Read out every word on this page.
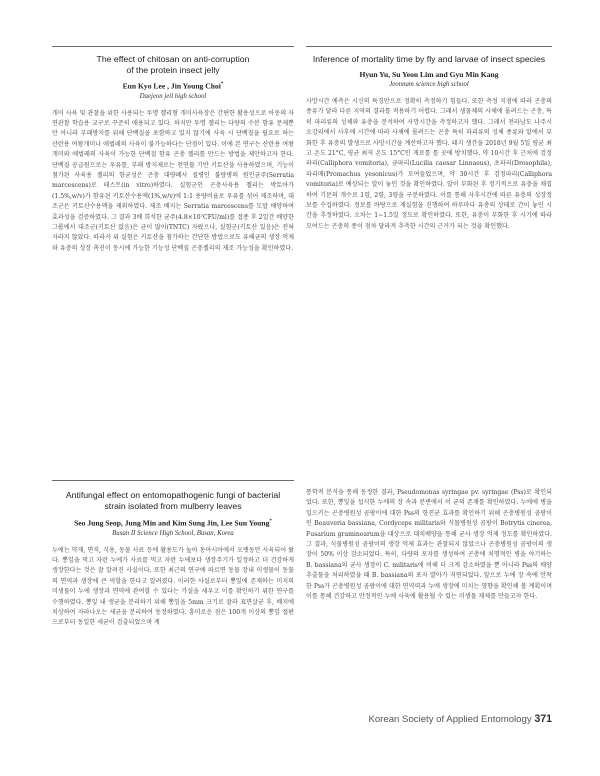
The effect of chitosan on anti-corruption
of the protein insect jelly

Eun Kyo Lee , Jin Young Choi*

Daejeon jeil high school

개미 사육 및 관찰을 위한 사용되는 투명 젤리형 개미사육장은 간편한 활용성으로 아동의 자연관찰 학습용 교구로 꾸준히 애용되고 있다. 하지만 투명 젤리는 다량의 수분 함유 문제뿐만 아니라 부패방지를 위해 단백질을 포함하고 있지 않기에 사육 시 단백질을 필요로 하는 산란용 여왕개미나 애벌레의 사육이 불가능하다는 단점이 있다. 이에 본 연구는 산란용 여왕개미와 애벌레의 사육이 가능한 단백질 함유 곤충 젤리를 만드는 방법을 제안하고자 한다. 단백질 공급원으로는 우유를, 부패 방지제로는 천연물 기반 키토산을 사용하였으며, 기능이 첨가된 사육용 젤리의 항균성은 곤충 대량폐사 질병인 불량병의 원인균주(Serratia marcescens)로 테스트(in vitro)하였다. 실험군인 곤충사육용 젤리는 박토아가(1.5%,w/v)가 함유된 키토산수용액(1%,w/v)에 1:1 용량비율로 우유를 섞어 제조하며, 대조군은 키토산수용액을 제외하였다. 제조 배지는 Serratia marcescens를 도말 배양하여 효과성을 검증하였다. 그 결과 3배 희석한 균주(4.8×10⁷CFU/ml)를 접종 후 2일간 배양한 그룹에서 대조군(키토산 없음)은 균이 많이(TNTC) 자랐으나, 실험군(키토산 있음)은 전혀 자라지 않았다. 따라서 위 실험은 키토산을 첨가하는 간단한 방법으로도 유해균의 생장 억제와 유충의 성장 촉진이 동시에 가능한 기능성 단백질 곤충젤리의 제조 가능성을 확인하였다.

Inference of mortality time by fly and larvae of insect species

Hyun Yu, Su Yeon Lim and Gyu Min Kang

Jeonnam science high school

사망시간 예측은 시신의 특징만으로 정확히 측정하기 힘들다. 또한 측정 지점에 따라 곤충의 종류가 달라 다른 지역의 결과를 적용하기 어렵다. 그래서 생물체의 사체에 몰려드는 곤충, 특히 파리류의 성체와 유충을 분석하여 사망시간을 측정하고자 했다. 그래서 전라남도 나주시 오강리에서 사후에 시간에 따라 사체에 몰려드는 곤충 특히 파리류의 성체 종류와 알에서 부화한 후 유충의 발생으로 사망시간을 계산하고자 했다. 돼지 생간을 2018년 9월 5일 평균 최고 온도 21°C, 평균 최저 온도 15°C인 재료를 틀 곳에 방치했다. 약 10시간 후 근처에 검정파리(Calliphora vomitoria), 금파리(Lucilia caesar Linnaeus), 초파리(Drosophila), 파리매(Promachus yesonicus)가 모여들었으며, 약 30시간 후 검정파리(Calliphora vomitoria)로 예상되는 알이 놓인 것을 확인하였다. 알이 부화된 후 정기적으로 유충을 채집하여 기문의 개수로 1령, 2령, 3령을 구분하였다. 이를 통해 사후시간에 따른 유충의 성장정보를 수집하였다. 정보를 바탕으로 재실험을 진행하여 하루마다 유충의 상태로 간이 놓인 시간을 추정하였다. 오차는 1~1.5일 정도로 확인하였다. 또한, 유충이 부화한 후 시기에 따라 모여드는 곤충의 종이 점차 달라져 추측한 시간의 근거가 되는 것을 확인했다.

Antifungal effect on entomopathogenic fungi of bacterial
strain isolated from mulberry leaves

Seo Jung Seop, Jung Min and Kim Sung Jin, Lee Sun Young*

Busan II Science High School, Busan, Korea

누에는 약재, 면직, 식용, 동물 사료 등에 활용도가 높아 동아시아에서 오랫동안 사육되어 왔다. 뽕잎을 먹고 자란 누에가 사료를 먹고 자란 누에보다 생장주기가 일정하고 더 건강하게 생장한다는 것은 잘 알려진 사실이다. 또한 최근의 연구에 따르면 동물 장내 미생물이 동물의 면역과 생장에 큰 역할을 한다고 알려졌다. 이러한 사실로부터 뽕잎에 존재하는 미지의 미생물이 누에 생장과 면역에 관여할 수 있다는 가설을 세우고 이를 확인하기 위한 연구를 수행하였다. 뽕잎 내 생균을 분리하기 위해 뽕잎을 5mm 크기로 잘라 표면살균 후, 배지에 치상하여 자라나오는 세균을 분리하여 동정하였다. 흥미로운 점은 100개 이상의 뽕잎 절편으로부터 동일한 세균이 검출되었으며 계

통학적 분석을 통해 동정한 결과, Pseudomonas syringae pv. syringae (Pss)로 확인되었다. 또한, 뽕잎을 섭식한 누에의 장 속과 분변에서 이 균의 존재를 확인하였다. 누에에 병을 일으키는 곤충병원성 곰팡이에 대한 Pss의 항진균 효과를 확인하기 위해 곤충병원성 곰팡이인 Beauveria bassiana, Cordyceps militaris와 식물병원성 곰팡이 Botrytis cinerea, Fusarium graminearum을 대상으로 대치배양을 통해 균사 생장 억제 정도를 확인하였다. 그 결과, 식물병원성 곰팡이의 생장 억제 효과는 관찰되지 않았으나 곤충병원성 곰팡이의 생장이 50% 이상 감소되었다. 특히, 다량의 포자를 생성하여 곤충에 치명적인 병을 야기하는 B. bassiana의 균사 생장이 C. militaris에 비해 더 크게 감소하였을 뿐 아니라 Pss의 배양 추출물을 처리하였을 때 B. bassiana의 포자 발아가 저연되었다. 앞으로 누에 장 속에 안착한 Pss가 곤충병원성 곰팡이에 대한 면역력과 누에 생장에 미치는 영향을 확인해 볼 계획이며 이를 통해 건강하고 안정적인 누에 사육에 활용될 수 있는 미생물 제제를 만들고자 한다.

Korean Society of Applied Entomology 371
